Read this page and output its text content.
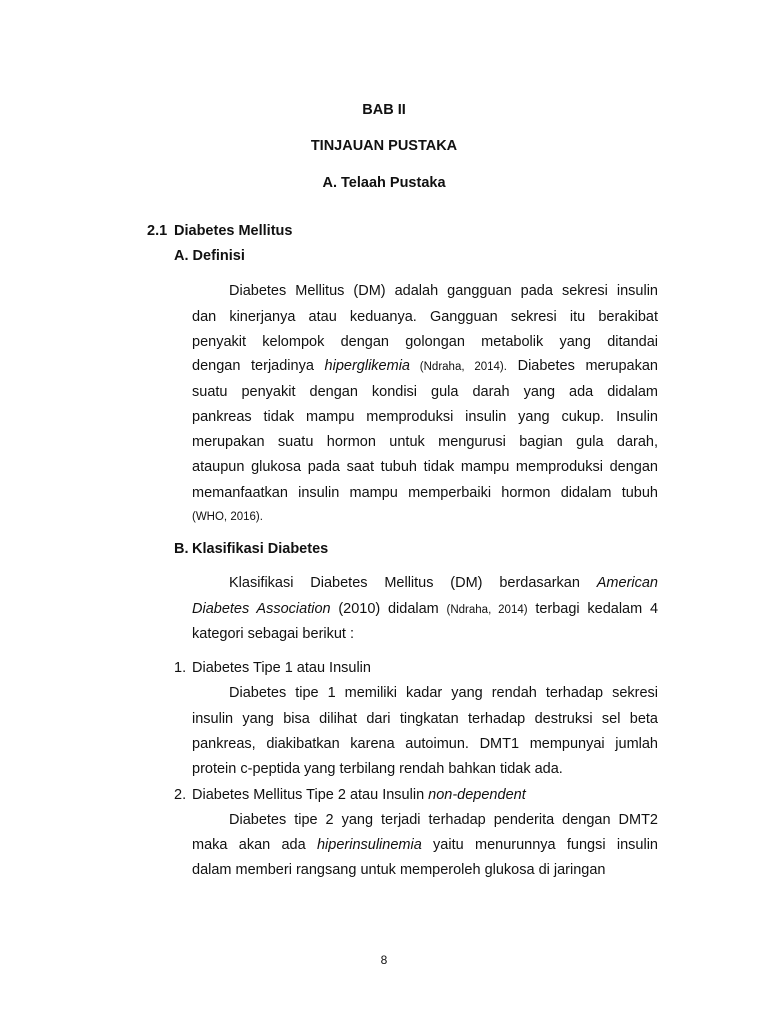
BAB II
TINJAUAN PUSTAKA
A. Telaah Pustaka
2.1 Diabetes Mellitus
A. Definisi
Diabetes Mellitus (DM) adalah gangguan pada sekresi insulin
dan kinerjanya atau keduanya. Gangguan sekresi itu berakibat
penyakit kelompok dengan golongan metabolik yang ditandai
dengan terjadinya hiperglikemia (Ndraha, 2014). Diabetes merupakan
suatu penyakit dengan kondisi gula darah yang ada didalam
pankreas tidak mampu memproduksi insulin yang cukup. Insulin
merupakan suatu hormon untuk mengurusi bagian gula darah,
ataupun glukosa pada saat tubuh tidak mampu memproduksi dengan
memanfaatkan insulin mampu memperbaiki hormon didalam tubuh
(WHO, 2016).
B. Klasifikasi Diabetes
Klasifikasi Diabetes Mellitus (DM) berdasarkan American
Diabetes Association (2010) didalam (Ndraha, 2014) terbagi kedalam 4
kategori sebagai berikut :
1. Diabetes Tipe 1 atau Insulin
Diabetes tipe 1 memiliki kadar yang rendah terhadap sekresi
insulin yang bisa dilihat dari tingkatan terhadap destruksi sel beta
pankreas, diakibatkan karena autoimun. DMT1 mempunyai jumlah
protein c-peptida yang terbilang rendah bahkan tidak ada.
2. Diabetes Mellitus Tipe 2 atau Insulin non-dependent
Diabetes tipe 2 yang terjadi terhadap penderita dengan DMT2
maka akan ada hiperinsulinemia yaitu menurunnya fungsi insulin
dalam memberi rangsang untuk memperoleh glukosa di jaringan
8
